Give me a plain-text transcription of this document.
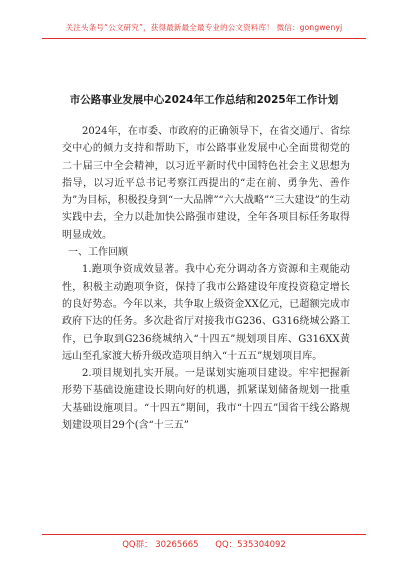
关注头条号“公文研究”，获得最新最全最专业的公文资料库！ 微信：gongwenyj
市公路事业发展中心2024年工作总结和2025年工作计划

2024年，在市委、市政府的正确领导下，在省交通厅、省综交中心的倾力支持和帮助下，市公路事业发展中心全面贯彻党的二十届三中全会精神，以习近平新时代中国特色社会主义思想为指导，以习近平总书记考察江西提出的“走在前、勇争先、善作为”为目标，积极投身到“一大品牌”“六大战略”“三大建设”的生动实践中去，全力以赴加快公路强市建设，全年各项目标任务取得明显成效。

一、工作回顾

1.跑项争资成效显著。我中心充分调动各方资源和主观能动性，积极主动跑项争资，保持了我市公路建设年度投资稳定增长的良好势态。今年以来，共争取上级资金XX亿元，已超额完成市政府下达的任务。多次赴省厅对接我市G236、G316绕城公路工作，已争取到G236绕城纳入“十四五”规划项目库、G316XX黄远山至孔家渡大桥升级改造项目纳入“十五五”规划项目库。

2.项目规划扎实开展。一是谋划实施项目建设。牢牢把握新形势下基础设施建设长期向好的机遇，抓紧谋划储备规划一批重大基础设施项目。“十四五”期间，我市“十四五”国省干线公路规划建设项目29个(含“十三五”

QQ群： 30265665 QQ：535304092
